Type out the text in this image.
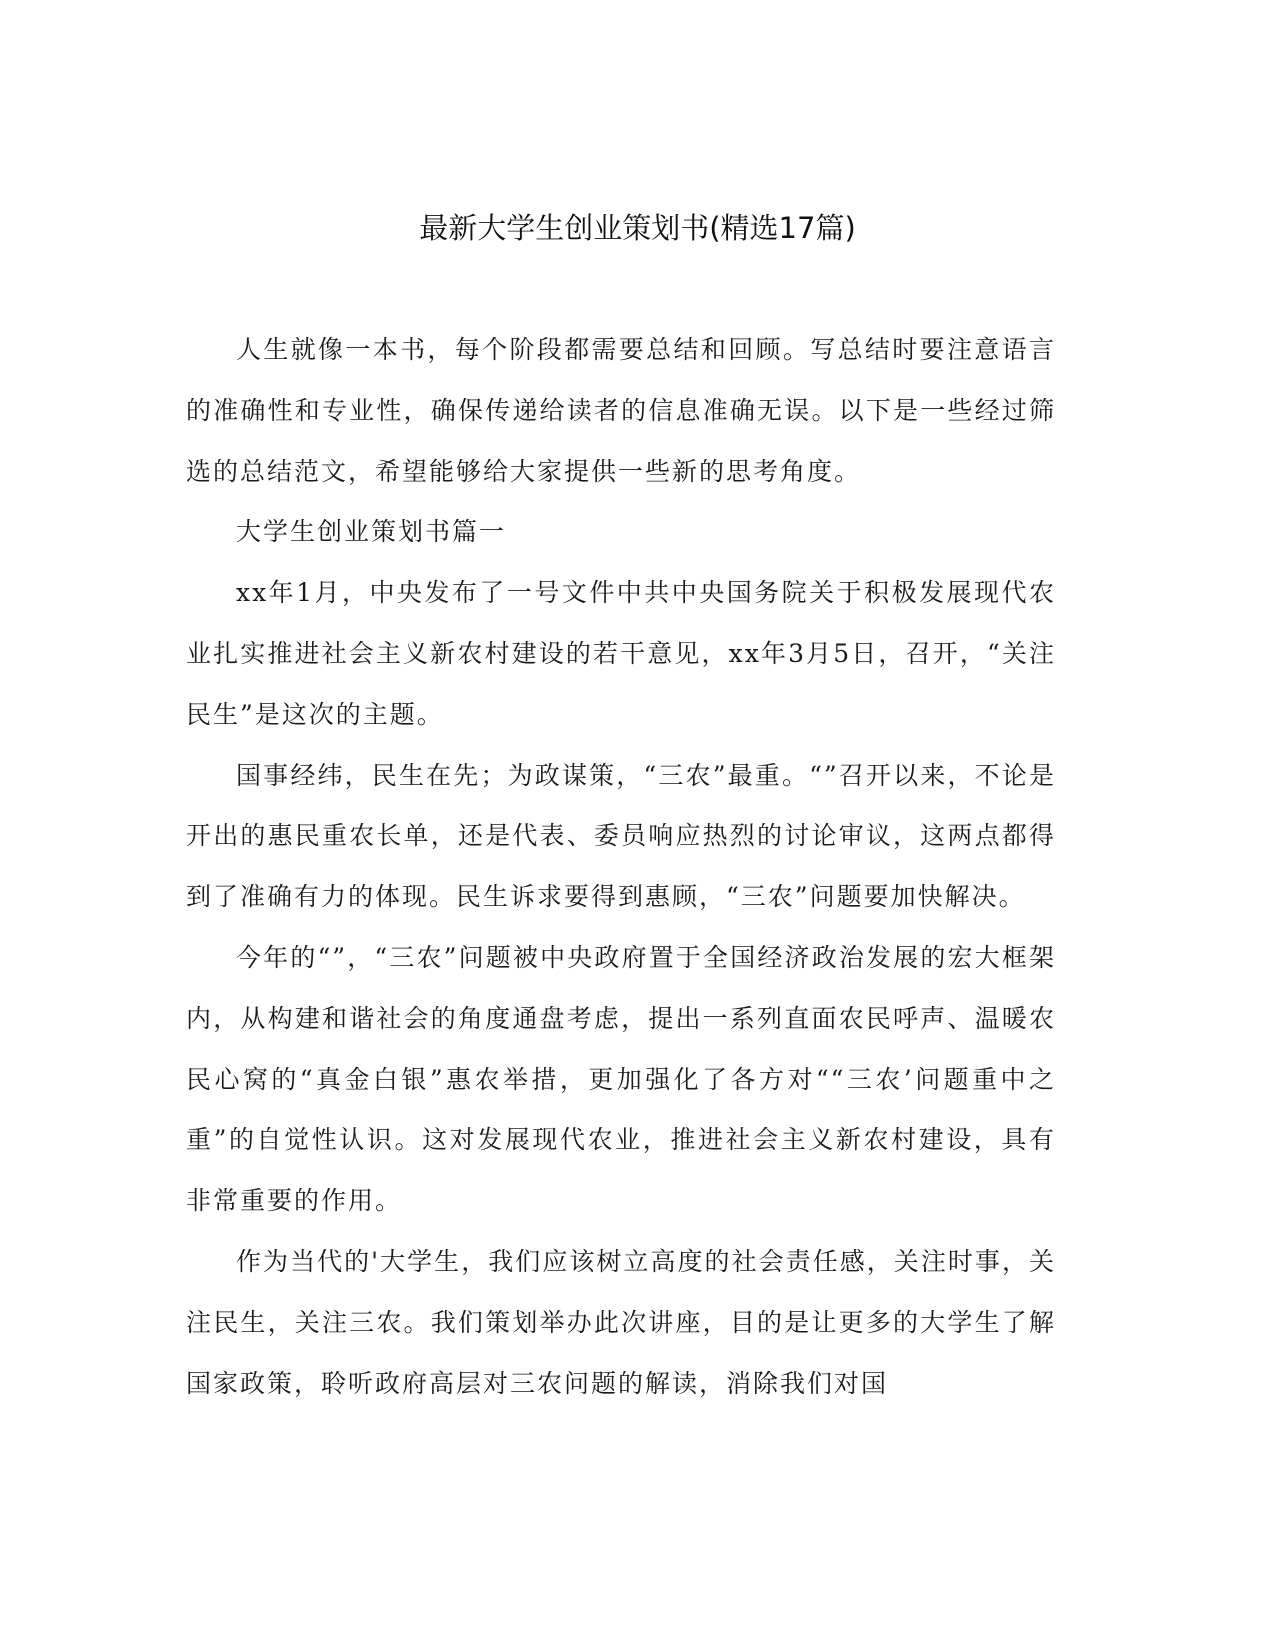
最新大学生创业策划书(精选17篇)

人生就像一本书，每个阶段都需要总结和回顾。写总结时要注意语言的准确性和专业性，确保传递给读者的信息准确无误。以下是一些经过筛选的总结范文，希望能够给大家提供一些新的思考角度。

大学生创业策划书篇一

xx年1月，中央发布了一号文件中共中央国务院关于积极发展现代农业扎实推进社会主义新农村建设的若干意见，xx年3月5日，召开，“关注民生”是这次的主题。

国事经纬，民生在先；为政谋策，“三农”最重。“”召开以来，不论是开出的惠民重农长单，还是代表、委员响应热烈的讨论审议，这两点都得到了准确有力的体现。民生诉求要得到惠顾，“三农”问题要加快解决。

今年的“”，“三农”问题被中央政府置于全国经济政治发展的宏大框架内，从构建和谐社会的角度通盘考虑，提出一系列直面农民呼声、温暖农民心窝的“真金白银”惠农举措，更加强化了各方对““三农’问题重中之重”的自觉性认识。这对发展现代农业，推进社会主义新农村建设，具有非常重要的作用。

作为当代的'大学生，我们应该树立高度的社会责任感，关注时事，关注民生，关注三农。我们策划举办此次讲座，目的是让更多的大学生了解国家政策，聆听政府高层对三农问题的解读，消除我们对国
